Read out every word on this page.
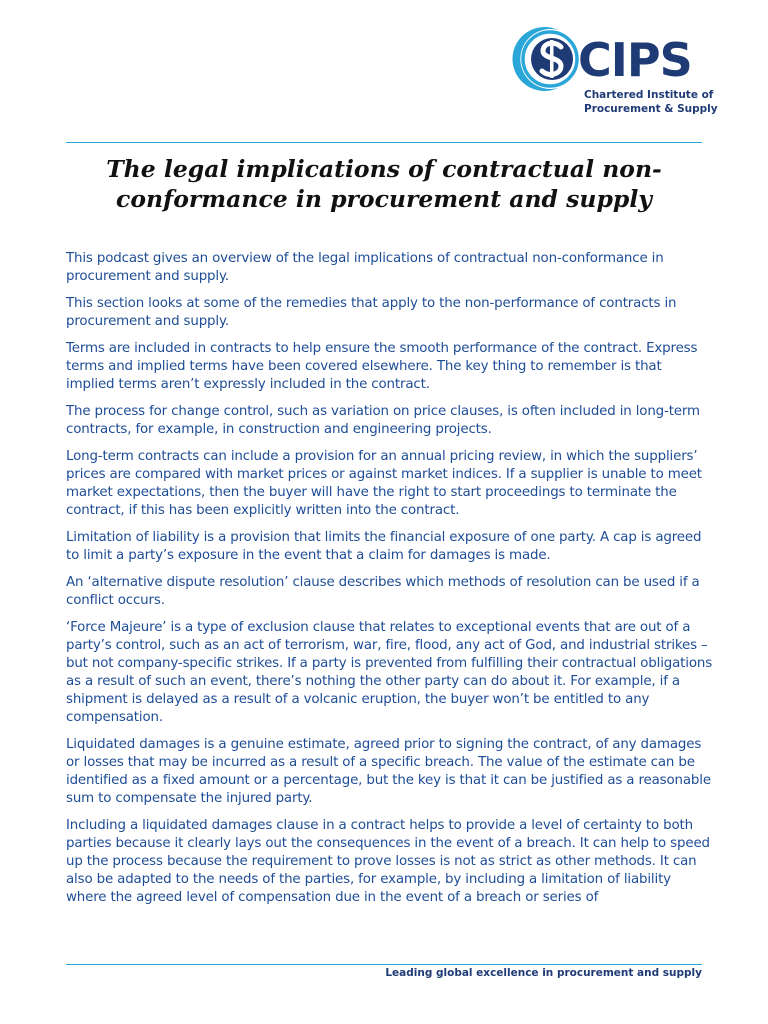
CIPS
Chartered Institute of
Procurement & Supply
The legal implications of contractual non-conformance in procurement and supply

This podcast gives an overview of the legal implications of contractual non-conformance in procurement and supply.

This section looks at some of the remedies that apply to the non-performance of contracts in procurement and supply.

Terms are included in contracts to help ensure the smooth performance of the contract. Express terms and implied terms have been covered elsewhere. The key thing to remember is that implied terms aren’t expressly included in the contract.

The process for change control, such as variation on price clauses, is often included in long-term contracts, for example, in construction and engineering projects.

Long-term contracts can include a provision for an annual pricing review, in which the suppliers’ prices are compared with market prices or against market indices. If a supplier is unable to meet market expectations, then the buyer will have the right to start proceedings to terminate the contract, if this has been explicitly written into the contract.

Limitation of liability is a provision that limits the financial exposure of one party. A cap is agreed to limit a party’s exposure in the event that a claim for damages is made.

An ‘alternative dispute resolution’ clause describes which methods of resolution can be used if a conflict occurs.

‘Force Majeure’ is a type of exclusion clause that relates to exceptional events that are out of a party’s control, such as an act of terrorism, war, fire, flood, any act of God, and industrial strikes – but not company-specific strikes. If a party is prevented from fulfilling their contractual obligations as a result of such an event, there’s nothing the other party can do about it. For example, if a shipment is delayed as a result of a volcanic eruption, the buyer won’t be entitled to any compensation.

Liquidated damages is a genuine estimate, agreed prior to signing the contract, of any damages or losses that may be incurred as a result of a specific breach. The value of the estimate can be identified as a fixed amount or a percentage, but the key is that it can be justified as a reasonable sum to compensate the injured party.

Including a liquidated damages clause in a contract helps to provide a level of certainty to both parties because it clearly lays out the consequences in the event of a breach. It can help to speed up the process because the requirement to prove losses is not as strict as other methods. It can also be adapted to the needs of the parties, for example, by including a limitation of liability where the agreed level of compensation due in the event of a breach or series of

Leading global excellence in procurement and supply
